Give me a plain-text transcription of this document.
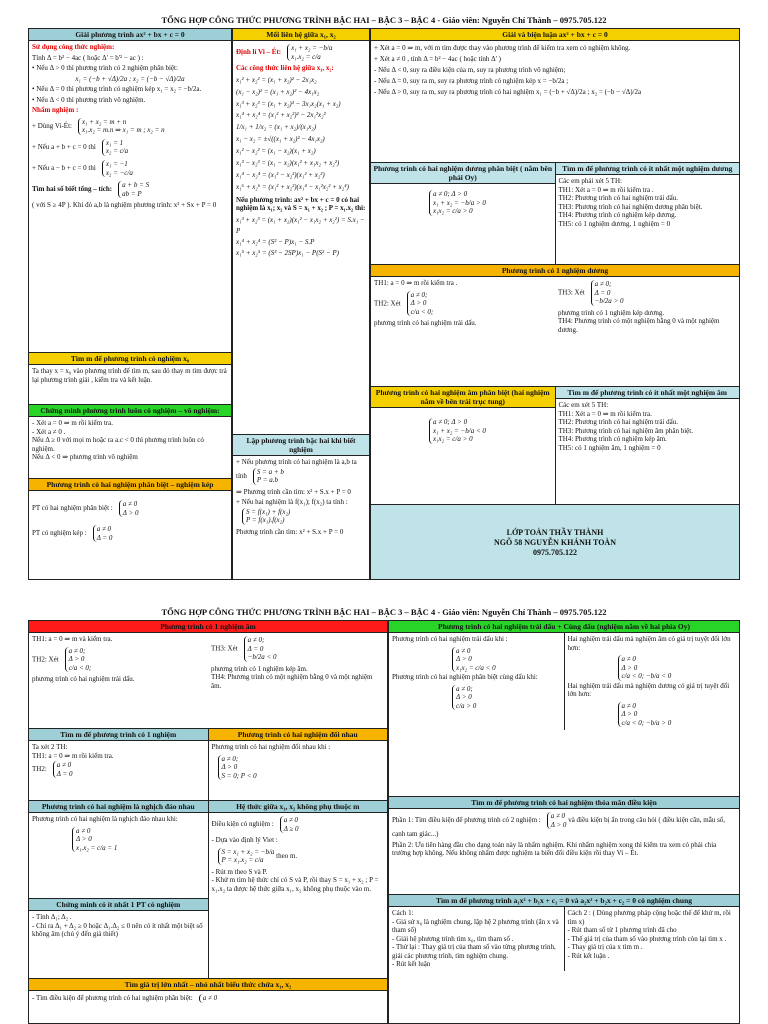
TỔNG HỢP CÔNG THỨC PHƯƠNG TRÌNH BẬC HAI – BẬC 3 – BẬC 4 - Giáo viên: Nguyễn Chí Thành – 0975.705.122
Giải phương trình ax² + bx + c = 0

Sử dụng công thức nghiệm:

Tính Δ = b² − 4ac ( hoặc Δ' = b'² − ac ) :

• Nếu Δ > 0 thì phương trình có 2 nghiệm phân biệt:

x₁ = (−b + √Δ)/2a ; x₂ = (−b − √Δ)/2a

• Nếu Δ = 0 thì phương trình có nghiệm kép x₁ = x₂ = −b/2a.

• Nếu Δ < 0 thì phương trình vô nghiệm.

Nhẩm nghiệm :

+ Dùng Vi-Ét:x₁ + x₂ = m + n
x₁.x₂ = m.n ⇒ x₁ = m ; x₂ = n

+ Nếu a + b + c = 0 thìx₁ = 1
x₂ = c/a

+ Nếu a − b + c = 0 thìx₁ = −1
x₂ = −c/a

Tìm hai số biết tổng – tích:a + b = S
ab = P

( với S ≥ 4P ). Khi đó a,b là nghiệm phương trình: x² + Sx + P = 0

Tìm m để phương trình có nghiệm x₀
Ta thay x = x₀ vào phương trình để tìm m, sau đó thay m tìm được trả lại phương trình giải , kiểm tra và kết luận.
Chứng minh phương trình luôn có nghiệm – vô nghiệm:
- Xét a = 0 ⇒ m rồi kiểm tra.
- Xét a ≠ 0 .
Nếu Δ ≥ 0 với mọi m hoặc ra a.c < 0 thì phương trình luôn có nghiệm.
Nếu Δ < 0 ⇒ phương trình vô nghiệm
Phương trình có hai nghiệm phân biệt – nghiệm kép

PT có hai nghiệm phân biệt :a ≠ 0
Δ > 0

PT có nghiệm kép :a ≠ 0
Δ = 0

Mối liên hệ giữa x₁, x₂

Định lí Vi – Ét:x₁ + x₂ = −b/a
x₁.x₂ = c/a

Các công thức liên hệ giữa x₁, x₂:

x₁² + x₂² = (x₁ + x₂)² − 2x₁x₂
(x₁ − x₂)² = (x₁ + x₂)² − 4x₁x₂
x₁³ + x₂³ = (x₁ + x₂)³ − 3x₁x₂(x₁ + x₂)
x₁⁴ + x₂⁴ = (x₁² + x₂²)² − 2x₁²x₂²
1/x₁ + 1/x₂ = (x₁ + x₂)/(x₁x₂)
x₁ − x₂ = ±√((x₁ + x₂)² − 4x₁x₂)
x₁² − x₂² = (x₁ − x₂)(x₁ + x₂)
x₁³ − x₂³ = (x₁ − x₂)(x₁² + x₁x₂ + x₂²)
x₁⁴ − x₂⁴ = (x₁² − x₂²)(x₁² + x₂²)
x₁⁶ + x₂⁶ = (x₁² + x₂²)(x₁⁴ − x₁²x₂² + x₂⁴)

Nếu phương trình: ax² + bx + c = 0 có hai nghiệm là x₁; x₂ và S = x₁ + x₂ ; P = x₁.x₂ thì:

x₁³ + x₂³ = (x₁ + x₂)(x₁² − x₁x₂ + x₂²) = S.x₁ − P
x₁⁴ + x₂⁴ = (S² − P)x₁ − S.P
x₁⁵ + x₂⁵ = (S³ − 2SP)x₁ − P(S² − P)

Lập phương trình bậc hai khi biết nghiệm

+ Nếu phương trình có hai nghiệm là a,b ta tínhS = a + b
P = a.b

⇒ Phương trình cần tìm: x² + S.x + P = 0

+ Nếu hai nghiệm là f(x₁); f(x₂) ta tính :S = f(x₁) + f(x₂)
P = f(x₁).f(x₂)

Phương trình cần tìm: x² + S.x + P = 0

Giải và biện luận ax² + bx + c = 0
+ Xét a = 0 ⇒ m, với m tìm được thay vào phương trình để kiểm tra xem có nghiệm không.
+ Xét a ≠ 0 , tính Δ = b² − 4ac ( hoặc tính Δ' )
- Nếu Δ < 0, suy ra điều kiện của m, suy ra phương trình vô nghiệm;
- Nếu Δ = 0, suy ra m, suy ra phương trình có nghiệm kép x = −b/2a ;
- Nếu Δ > 0, suy ra m, suy ra phương trình có hai nghiệm x₁ = (−b + √Δ)/2a ; x₂ = (−b − √Δ)/2a
Phương trình có hai nghiệm dương phân biệt ( nằm bên phải Oy)
a ≠ 0; Δ > 0
x₁ + x₂ = −b/a > 0
x₁x₂ = c/a > 0
Tìm m để phương trình có ít nhất một nghiệm dương
Các em phải xét 5 TH:
TH1: Xét a = 0 ⇒ m rồi kiểm tra .
TH2: Phương trình có hai nghiệm trái dấu.
TH3: Phương trình có hai nghiệm dương phân biệt.
TH4: Phương trình có nghiệm kép dương.
TH5: có 1 nghiệm dương, 1 nghiệm = 0
Phương trình có 1 nghiệm dương

TH1: a = 0 ⇒ m rồi kiểm tra .

TH2: Xéta ≠ 0;
Δ > 0
c/a < 0;

phương trình có hai nghiệm trái dấu.

TH3: Xéta ≠ 0;
Δ = 0
−b/2a > 0

phương trình có 1 nghiệm kép dương.
TH4: Phương trình có một nghiệm bằng 0 và một nghiệm dương.

Phương trình có hai nghiệm âm phân biệt (hai nghiệm nằm về bên trái trục tung)
a ≠ 0; Δ > 0
x₁ + x₂ = −b/a < 0
x₁x₂ = c/a > 0
Tìm m để phương trình có ít nhất một nghiệm âm
Các em xét 5 TH:
TH1: Xét a = 0 ⇒ m rồi kiểm tra.
TH2: Phương trình có hai nghiệm trái dấu.
TH3: Phương trình có hai nghiệm âm phân biệt.
TH4: Phương trình có nghiệm kép âm.
TH5: có 1 nghiệm âm, 1 nghiệm = 0
LỚP TOÁN THẦY THÀNH
NGÕ 58 NGUYỄN KHÁNH TOÀN
0975.705.122
TỔNG HỢP CÔNG THỨC PHƯƠNG TRÌNH BẬC HAI – BẬC 3 – BẬC 4 - Giáo viên: Nguyễn Chí Thành – 0975.705.122
Phương trình có 1 nghiệm âm

TH1: a = 0 ⇒ m và kiểm tra.

TH2: Xéta ≠ 0;
Δ > 0
c/a < 0;

phương trình có hai nghiệm trái dấu.

TH3: Xéta ≠ 0;
Δ = 0
−b/2a < 0

phương trình có 1 nghiệm kép âm.
TH4: Phương trình có một nghiệm bằng 0 và một nghiệm âm.

Tìm m để phương trình có 1 nghiệm
Ta xét 2 TH:
TH1: a = 0 ⇒ m rồi kiểm tra.
TH2:a ≠ 0
Δ = 0
Phương trình có hai nghiệm đối nhau

Phương trình có hai nghiệm đối nhau khi :

a ≠ 0;
Δ > 0
S = 0; P < 0
Phương trình có hai nghiệm là nghịch đảo nhau

Phương trình có hai nghiệm là nghịch đảo nhau khi:

a ≠ 0
Δ > 0
x₁.x₂ = c/a = 1
Chứng minh có ít nhất 1 PT có nghiệm
- Tính Δ₁; Δ₂ .
- Chỉ ra Δ₁ + Δ₂ ≥ 0 hoặc Δ₁.Δ₂ ≤ 0 nên có ít nhất một biệt số không âm (chú ý đến giả thiết)
Hệ thức giữa x₁, x₂ không phụ thuộc m

Điều kiện có nghiệm :a ≠ 0
Δ ≥ 0

- Dựa vào định lý Viet :

S = x₁ + x₂ = −b/a
P = x₁.x₂ = c/a theo m.

- Rút m theo S và P.
- Khử m tìm hệ thức chỉ có S và P, rồi thay S = x₁ + x₂ ; P = x₁.x₂ ta được hệ thức giữa x₁, x₂ không phụ thuộc vào m.

Tìm giá trị lớn nhất – nhỏ nhất biểu thức chứa x₁, x₂
- Tìm điều kiện để phương trình có hai nghiệm phân biệt: a ≠ 0
Phương trình có hai nghiệm trái dấu + Cùng dấu (nghiệm nằm về hai phía Oy)

Phương trình có hai nghiệm trái dấu khi :

a ≠ 0
Δ > 0
x₁x₂ = c/a < 0

Phương trình có hai nghiệm phân biệt cùng dấu khi:

a ≠ 0;
Δ > 0
c/a > 0

Hai nghiệm trái dấu mà nghiệm âm có giá trị tuyệt đối lớn hơn:

a ≠ 0
Δ > 0
c/a < 0; −b/a < 0

Hai nghiệm trái dấu mà nghiệm dương có giá trị tuyệt đối lớn hơn:

a ≠ 0
Δ > 0
c/a < 0; −b/a > 0
Tìm m để phương trình có hai nghiệm thỏa mãn điều kiện

Phần 1: Tìm điều kiện để phương trình có 2 nghiệm :a ≠ 0
Δ > 0 và điều kiện bị ẩn trong câu hỏi ( điều kiện căn, mẫu số, cạnh tam giác...)

Phần 2: Ưu tiên hàng đầu cho dạng toán này là nhẩm nghiệm. Khi nhẩm nghiệm xong thì kiểm tra xem có phải chia trường hợp không. Nếu không nhẩm được nghiệm ta biến đổi điều kiện rồi thay Vi – Ét.

Tìm m để phương trình a₁x² + b₁x + c₁ = 0 và a₂x² + b₂x + c₂ = 0 có nghiệm chung
Cách 1:
- Giả sử x₀ là nghiệm chung, lập hệ 2 phương trình (ẩn x và tham số)
- Giải hệ phương trình tìm x₀, tìm tham số .
- Thử lại : Thay giá trị của tham số vào từng phương trình, giải các phương trình, tìm nghiệm chung.
- Rút kết luận
Cách 2 : ( Dùng phương pháp cộng hoặc thế để khử m, rồi tìm x)
- Rút tham số từ 1 phương trình đã cho
- Thế giá trị của tham số vào phương trình còn lại tìm x .
- Thay giá trị của x tìm m .
- Rút kết luận .
